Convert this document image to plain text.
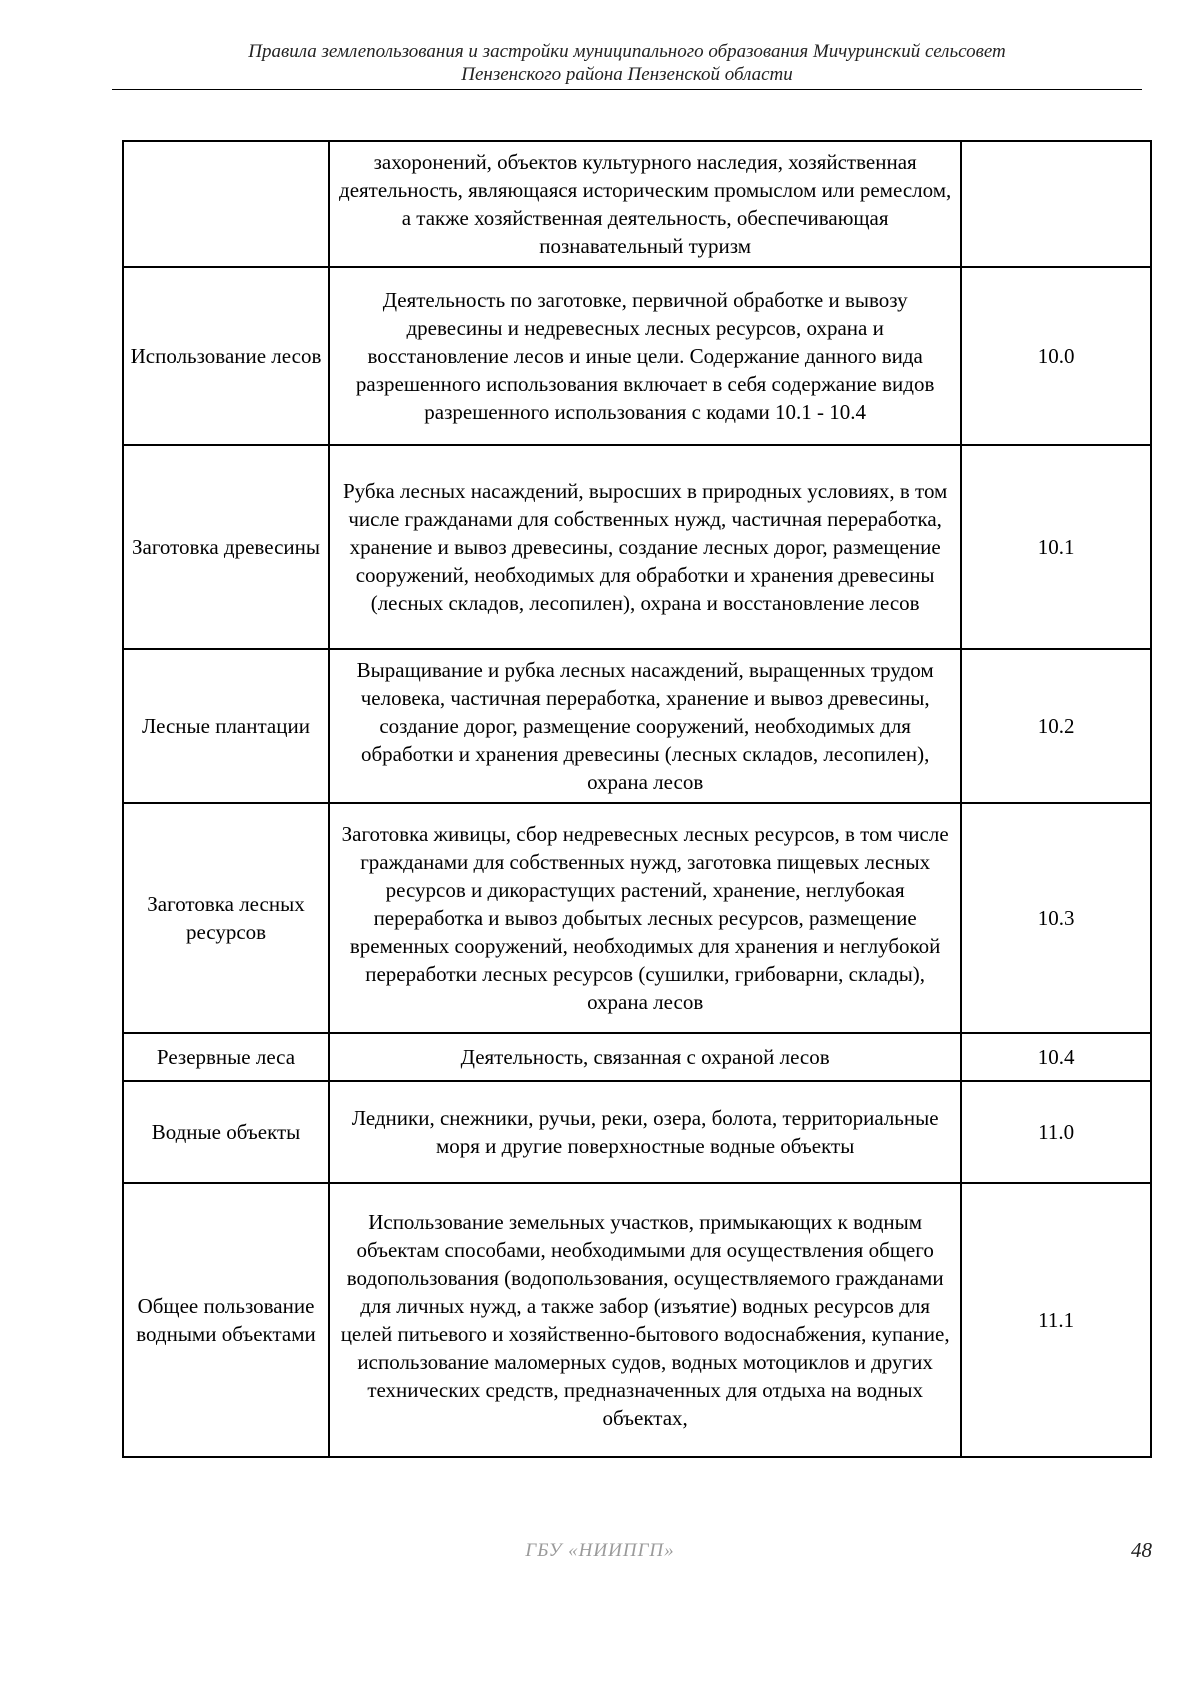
Правила землепользования и застройки муниципального образования Мичуринский сельсовет
Пензенского района Пензенской области
	захоронений, объектов культурного наследия, хозяйственная деятельность, являющаяся историческим промыслом или ремеслом, а также хозяйственная деятельность, обеспечивающая познавательный туризм	
Использование лесов	Деятельность по заготовке, первичной обработке и вывозу древесины и недревесных лесных ресурсов, охрана и восстановление лесов и иные цели. Содержание данного вида разрешенного использования включает в себя содержание видов разрешенного использования с кодами 10.1 - 10.4	10.0
Заготовка древесины	Рубка лесных насаждений, выросших в природных условиях, в том числе гражданами для собственных нужд, частичная переработка, хранение и вывоз древесины, создание лесных дорог, размещение сооружений, необходимых для обработки и хранения древесины (лесных складов, лесопилен), охрана и восстановление лесов	10.1
Лесные плантации	Выращивание и рубка лесных насаждений, выращенных трудом человека, частичная переработка, хранение и вывоз древесины, создание дорог, размещение сооружений, необходимых для обработки и хранения древесины (лесных складов, лесопилен), охрана лесов	10.2
Заготовка лесных ресурсов	Заготовка живицы, сбор недревесных лесных ресурсов, в том числе гражданами для собственных нужд, заготовка пищевых лесных ресурсов и дикорастущих растений, хранение, неглубокая переработка и вывоз добытых лесных ресурсов, размещение временных сооружений, необходимых для хранения и неглубокой переработки лесных ресурсов (сушилки, грибоварни, склады), охрана лесов	10.3
Резервные леса	Деятельность, связанная с охраной лесов	10.4
Водные объекты	Ледники, снежники, ручьи, реки, озера, болота, территориальные моря и другие поверхностные водные объекты	11.0
Общее пользование водными объектами	Использование земельных участков, примыкающих к водным объектам способами, необходимыми для осуществления общего водопользования (водопользования, осуществляемого гражданами для личных нужд, а также забор (изъятие) водных ресурсов для целей питьевого и хозяйственно-бытового водоснабжения, купание, использование маломерных судов, водных мотоциклов и других технических средств, предназначенных для отдыха на водных объектах,	11.1
ГБУ «НИИПГП»	48
